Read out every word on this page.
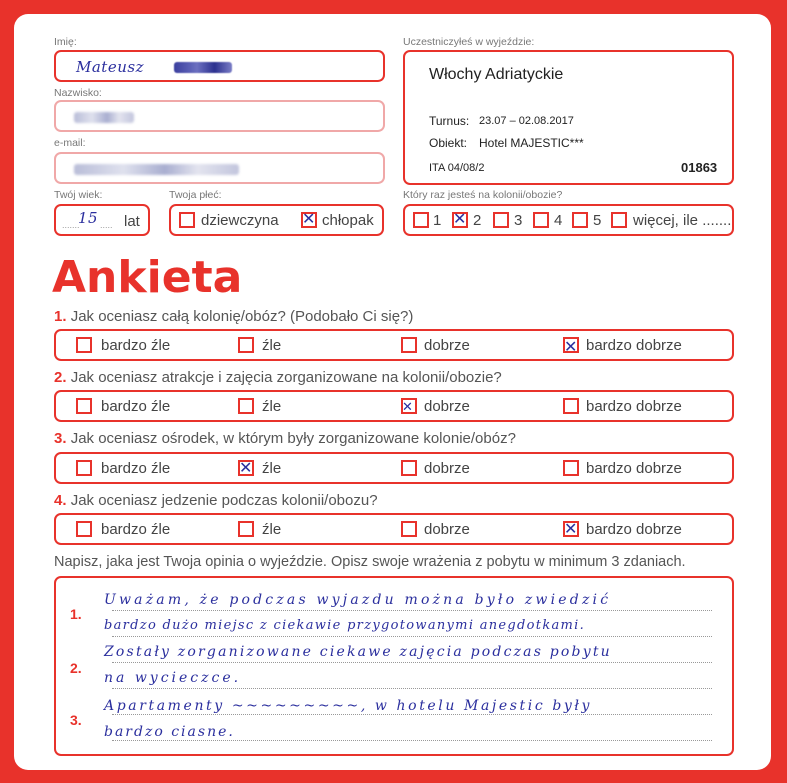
Imię:
Mateusz
Nazwisko:
e-mail:
Twój wiek:
.......
15 ..... lat
Twoja płeć:
dziewczyna ✕ chłopak
Uczestniczyłeś w wyjeździe:
Włochy Adriatyckie
Turnus: 23.07 – 02.08.2017
Obiekt: Hotel MAJESTIC***
ITA 04/08/2	01863
Który raz jesteś na kolonii/obozie?
1 ✕ 2 3 4 5 więcej, ile .......
Ankieta
1. Jak oceniasz całą kolonię/obóz? (Podobało Ci się?)
bardzo źle	źle	dobrze	✕ bardzo dobrze
2. Jak oceniasz atrakcje i zajęcia zorganizowane na kolonii/obozie?
bardzo źle	źle	✕ dobrze	bardzo dobrze
3. Jak oceniasz ośrodek, w którym były zorganizowane kolonie/obóz?
bardzo źle	✕ źle	dobrze	bardzo dobrze
4. Jak oceniasz jedzenie podczas kolonii/obozu?
bardzo źle	źle	dobrze	✕ bardzo dobrze
Napisz, jaka jest Twoja opinia o wyjeździe. Opisz swoje wrażenia z pobytu w minimum 3 zdaniach.
1.
2.
3.
Uważam, że podczas wyjazdu można było zwiedzić
bardzo dużo miejsc z ciekawie przygotowanymi anegdotkami.
Zostały zorganizowane ciekawe zajęcia podczas pobytu
na wycieczce.
Apartamenty ~~~~~~~~~, w hotelu Majestic były
bardzo ciasne.
